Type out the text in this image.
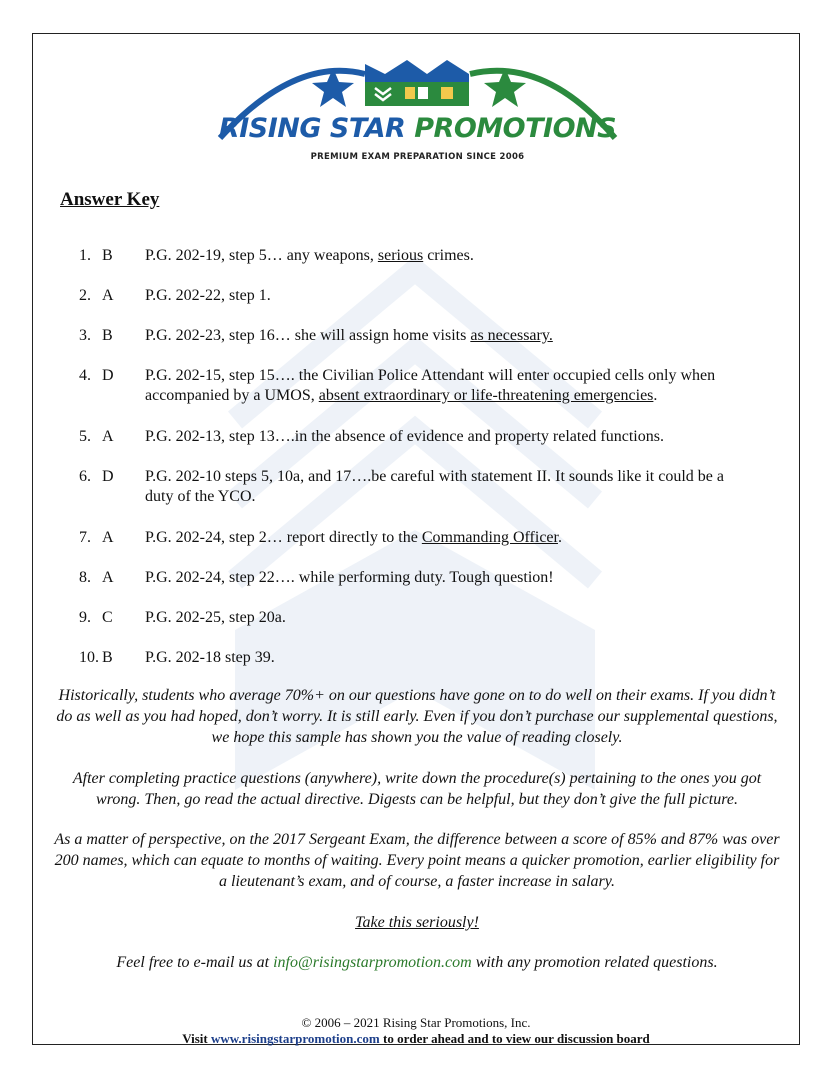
RISING STAR PROMOTIONS
PREMIUM EXAM PREPARATION SINCE 2006
Answer Key
1. B P.G. 202-19, step 5… any weapons, serious crimes.
2. A P.G. 202-22, step 1.
3. B P.G. 202-23, step 16… she will assign home visits as necessary.
4. D P.G. 202-15, step 15…. the Civilian Police Attendant will enter occupied cells only when accompanied by a UMOS, absent extraordinary or life-threatening emergencies.
5. A P.G. 202-13, step 13….in the absence of evidence and property related functions.
6. D P.G. 202-10 steps 5, 10a, and 17….be careful with statement II. It sounds like it could be a duty of the YCO.
7. A P.G. 202-24, step 2… report directly to the Commanding Officer.
8. A P.G. 202-24, step 22…. while performing duty. Tough question!
9. C P.G. 202-25, step 20a.
10. B P.G. 202-18 step 39.
Historically, students who average 70%+ on our questions have gone on to do well on their exams. If you didn’t do as well as you had hoped, don’t worry. It is still early. Even if you don’t purchase our supplemental questions, we hope this sample has shown you the value of reading closely.
After completing practice questions (anywhere), write down the procedure(s) pertaining to the ones you got wrong. Then, go read the actual directive. Digests can be helpful, but they don’t give the full picture.
As a matter of perspective, on the 2017 Sergeant Exam, the difference between a score of 85% and 87% was over 200 names, which can equate to months of waiting. Every point means a quicker promotion, earlier eligibility for a lieutenant’s exam, and of course, a faster increase in salary.
Take this seriously!
Feel free to e-mail us at info@risingstarpromotion.com with any promotion related questions.
© 2006 – 2021 Rising Star Promotions, Inc.
Visit www.risingstarpromotion.com to order ahead and to view our discussion board
